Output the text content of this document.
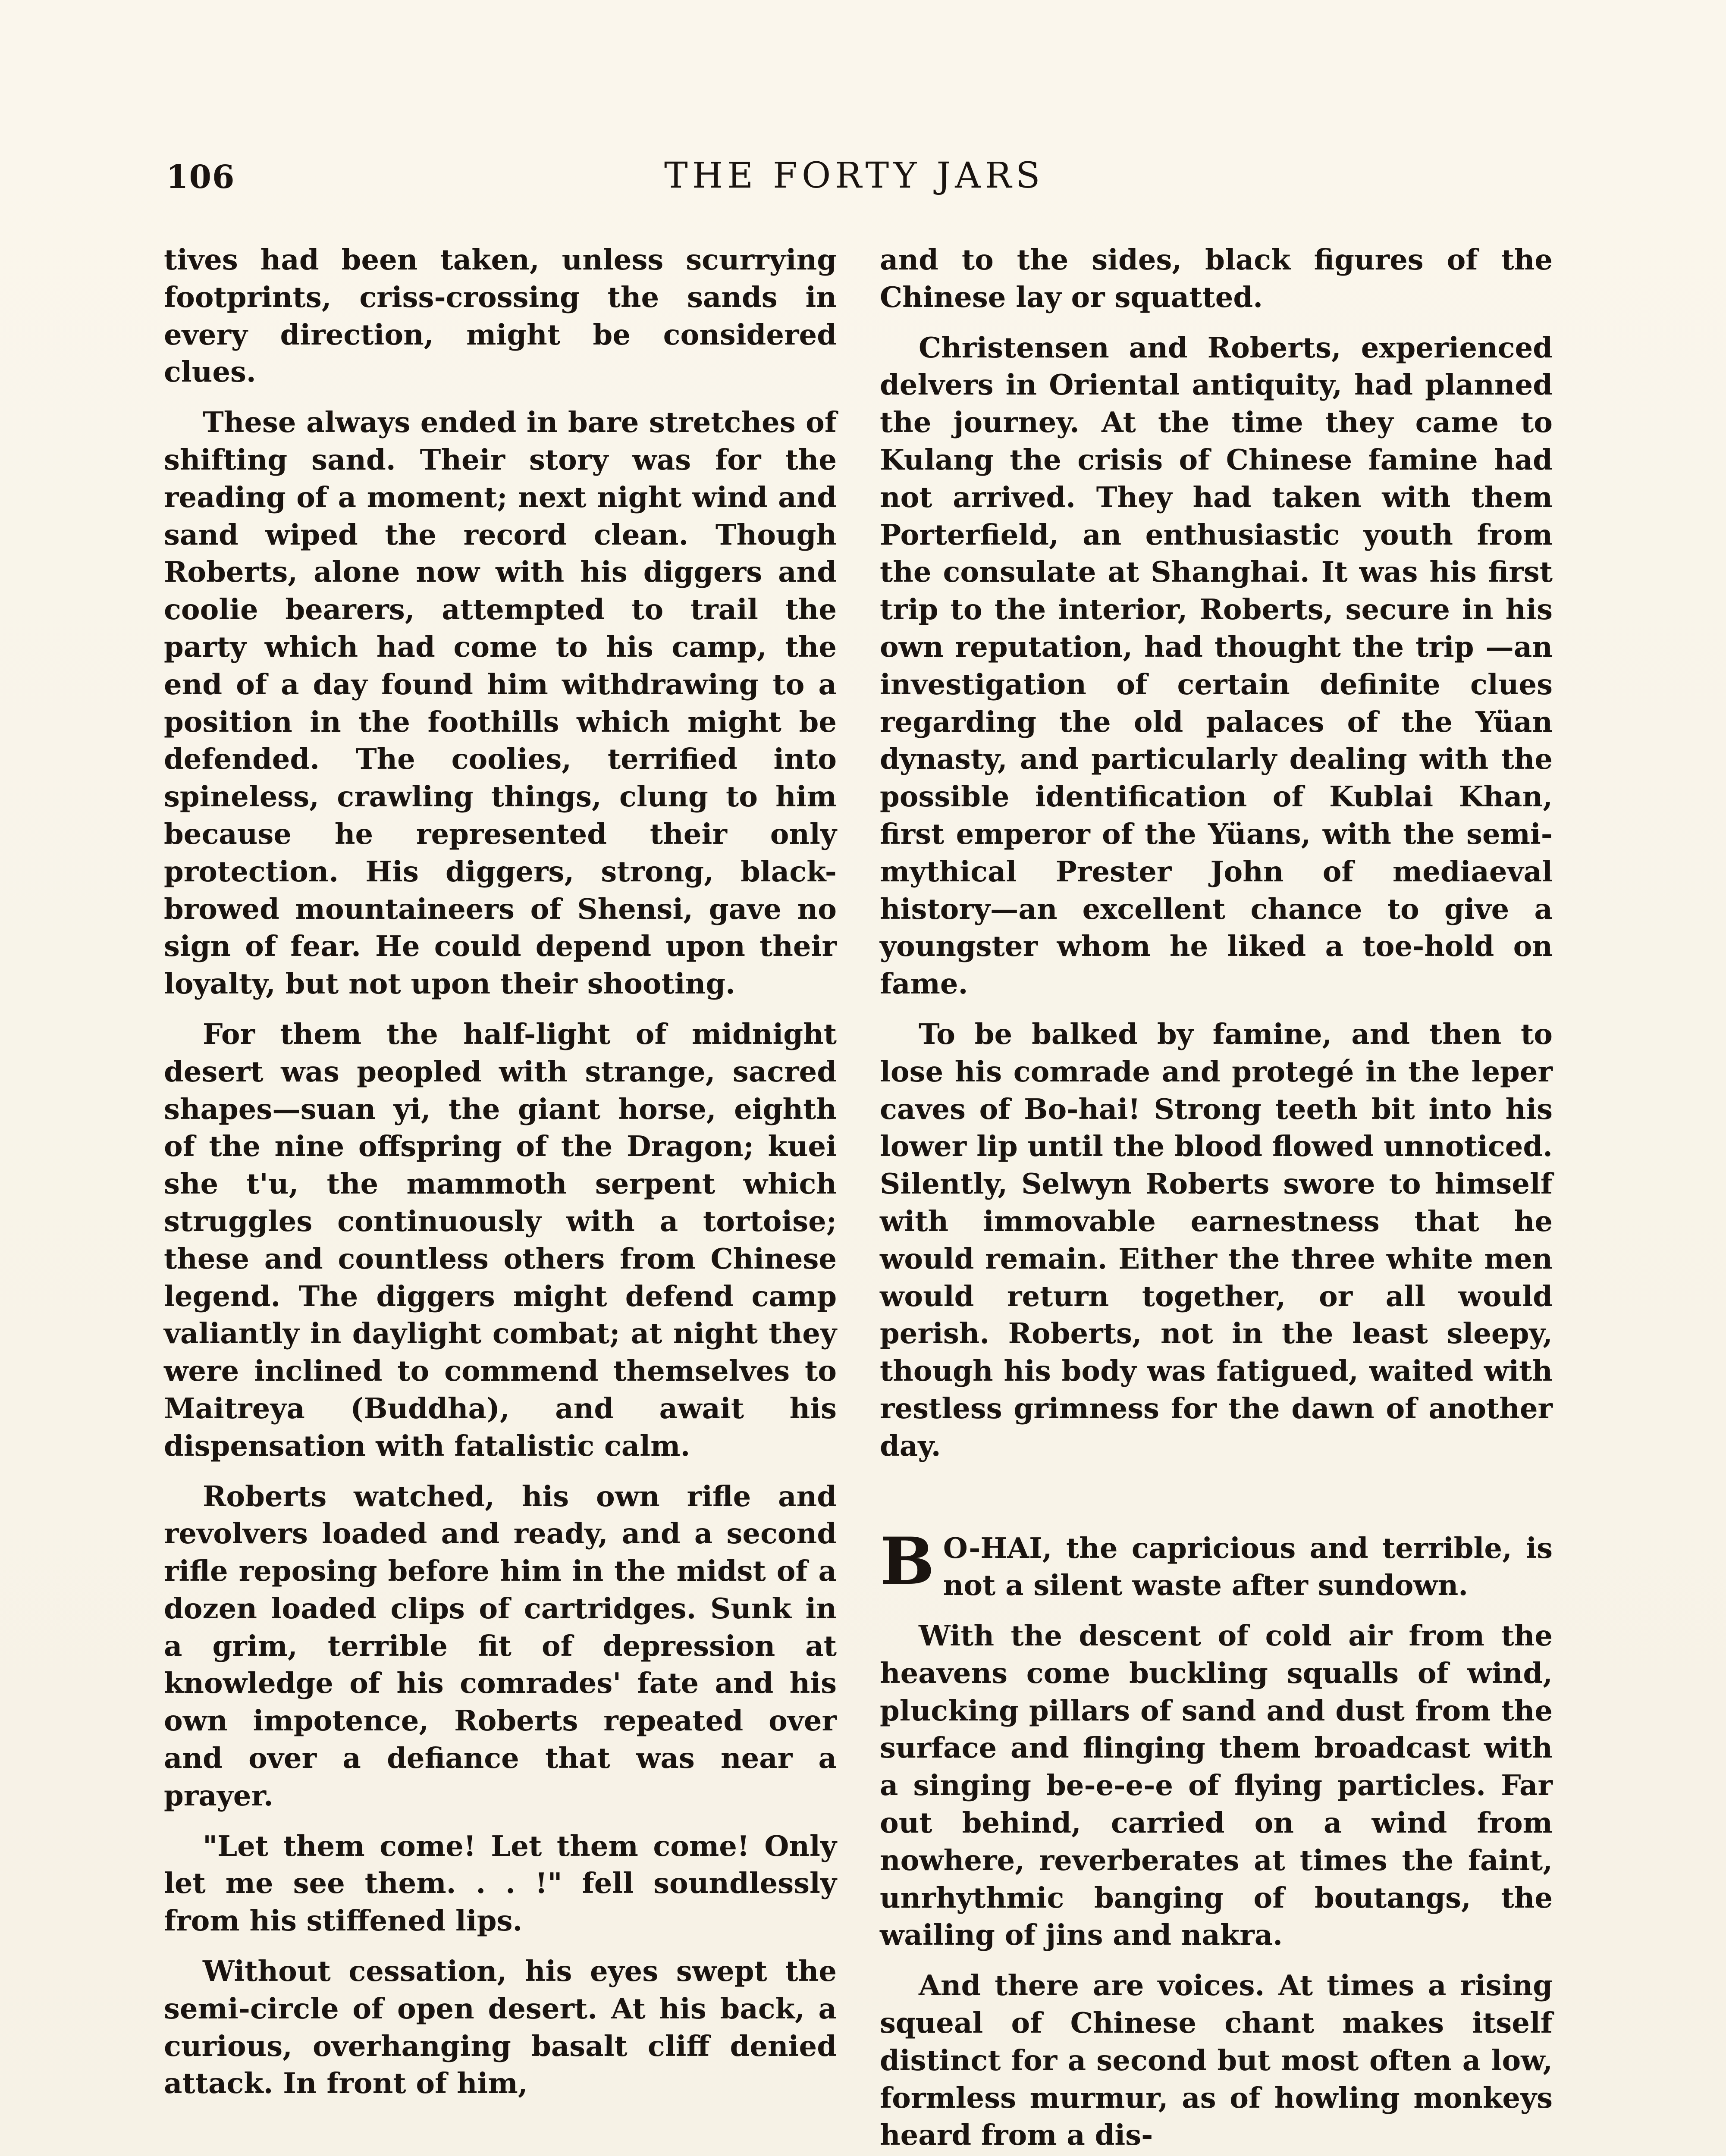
106	THE FORTY JARS

tives had been taken, unless scurrying footprints, criss-crossing the sands in every direction, might be considered clues.

These always ended in bare stretches of shifting sand. Their story was for the reading of a moment; next night wind and sand wiped the record clean. Though Roberts, alone now with his diggers and coolie bearers, attempted to trail the party which had come to his camp, the end of a day found him withdrawing to a position in the foothills which might be defended. The coolies, terrified into spineless, crawling things, clung to him because he represented their only protection. His diggers, strong, black-browed mountaineers of Shensi, gave no sign of fear. He could depend upon their loyalty, but not upon their shooting.

For them the half-light of midnight desert was peopled with strange, sacred shapes—suan yi, the giant horse, eighth of the nine offspring of the Dragon; kuei she t'u, the mammoth serpent which struggles continuously with a tortoise; these and countless others from Chinese legend. The diggers might defend camp valiantly in daylight combat; at night they were inclined to commend themselves to Maitreya (Buddha), and await his dispensation with fatalistic calm.

Roberts watched, his own rifle and revolvers loaded and ready, and a second rifle reposing before him in the midst of a dozen loaded clips of cartridges. Sunk in a grim, terrible fit of depression at knowledge of his comrades' fate and his own impotence, Roberts repeated over and over a defiance that was near a prayer.

"Let them come! Let them come! Only let me see them. . . !" fell soundlessly from his stiffened lips.

Without cessation, his eyes swept the semi-circle of open desert. At his back, a curious, overhanging basalt cliff denied attack. In front of him,

and to the sides, black figures of the Chinese lay or squatted.

Christensen and Roberts, experienced delvers in Oriental antiquity, had planned the journey. At the time they came to Kulang the crisis of Chinese famine had not arrived. They had taken with them Porterfield, an enthusiastic youth from the consulate at Shanghai. It was his first trip to the interior, Roberts, secure in his own reputation, had thought the trip —an investigation of certain definite clues regarding the old palaces of the Yüan dynasty, and particularly dealing with the possible identification of Kublai Khan, first emperor of the Yüans, with the semi-mythical Prester John of mediaeval history—an excellent chance to give a youngster whom he liked a toe-hold on fame.

To be balked by famine, and then to lose his comrade and protegé in the leper caves of Bo-hai! Strong teeth bit into his lower lip until the blood flowed unnoticed. Silently, Selwyn Roberts swore to himself with immovable earnestness that he would remain. Either the three white men would return together, or all would perish. Roberts, not in the least sleepy, though his body was fatigued, waited with restless grimness for the dawn of another day.

B O-HAI, the capricious and terrible, is not a silent waste after sundown.

With the descent of cold air from the heavens come buckling squalls of wind, plucking pillars of sand and dust from the surface and flinging them broadcast with a singing be-e-e-e of flying particles. Far out behind, carried on a wind from nowhere, reverberates at times the faint, unrhythmic banging of boutangs, the wailing of jins and nakra.

And there are voices. At times a rising squeal of Chinese chant makes itself distinct for a second but most often a low, formless murmur, as of howling monkeys heard from a dis-
